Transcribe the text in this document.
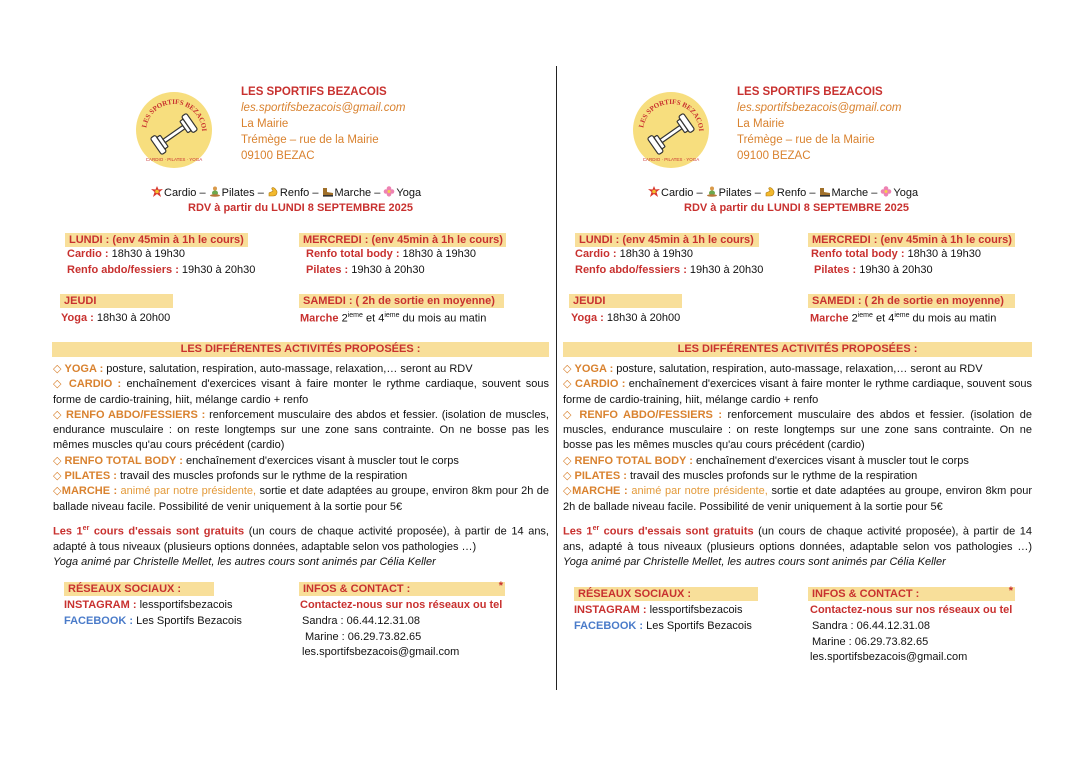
LES SPORTIFS BEZACOI
CARDIO · PILATES · YOGA
LES SPORTIFS BEZACOIS
les.sportifsbezacois@gmail.com
La Mairie
Trémège – rue de la Mairie
09100 BEZAC
Cardio – Pilates – Renfo – Marche – Yoga
RDV à partir du LUNDI 8 SEPTEMBRE 2025
LUNDI : (env 45min à 1h le cours)
Cardio : 18h30 à 19h30
Renfo abdo/fessiers : 19h30 à 20h30
MERCREDI : (env 45min à 1h le cours)
Renfo total body : 18h30 à 19h30
Pilates : 19h30 à 20h30
JEUDI
Yoga : 18h30 à 20h00
SAMEDI : ( 2h de sortie en moyenne)
Marche 2ieme et 4ieme du mois au matin
LES DIFFÉRENTES ACTIVITÉS PROPOSÉES :

◇ YOGA : posture, salutation, respiration, auto-massage, relaxation,… seront au RDV

◇ CARDIO : enchaînement d'exercices visant à faire monter le rythme cardiaque, souvent sous forme de cardio-training, hiit, mélange cardio + renfo

◇ RENFO ABDO/FESSIERS : renforcement musculaire des abdos et fessier. (isolation de muscles, endurance musculaire : on reste longtemps sur une zone sans contrainte. On ne bosse pas les mêmes muscles qu'au cours précédent (cardio)

◇ RENFO TOTAL BODY : enchaînement d'exercices visant à muscler tout le corps

◇ PILATES : travail des muscles profonds sur le rythme de la respiration

◇MARCHE : animé par notre présidente, sortie et date adaptées au groupe, environ 8km pour 2h de ballade niveau facile. Possibilité de venir uniquement à la sortie pour 5€

Les 1er cours d'essais sont gratuits (un cours de chaque activité proposée), à partir de 14 ans, adapté à tous niveaux (plusieurs options données, adaptable selon vos pathologies …)

Yoga animé par Christelle Mellet, les autres cours sont animés par Célia Keller

RÉSEAUX SOCIAUX :
INSTAGRAM : lessportifsbezacois
FACEBOOK : Les Sportifs Bezacois
INFOS & CONTACT :	*
Contactez-nous sur nos réseaux ou tel
Sandra : 06.44.12.31.08
Marine : 06.29.73.82.65
les.sportifsbezacois@gmail.com
LES SPORTIFS BEZACOI
CARDIO · PILATES · YOGA
LES SPORTIFS BEZACOIS
les.sportifsbezacois@gmail.com
La Mairie
Trémège – rue de la Mairie
09100 BEZAC
Cardio – Pilates – Renfo – Marche – Yoga
RDV à partir du LUNDI 8 SEPTEMBRE 2025
LUNDI : (env 45min à 1h le cours)
Cardio : 18h30 à 19h30
Renfo abdo/fessiers : 19h30 à 20h30
MERCREDI : (env 45min à 1h le cours)
Renfo total body : 18h30 à 19h30
Pilates : 19h30 à 20h30
JEUDI
Yoga : 18h30 à 20h00
SAMEDI : ( 2h de sortie en moyenne)
Marche 2ieme et 4ieme du mois au matin
LES DIFFÉRENTES ACTIVITÉS PROPOSÉES :

◇ YOGA : posture, salutation, respiration, auto-massage, relaxation,… seront au RDV

◇ CARDIO : enchaînement d'exercices visant à faire monter le rythme cardiaque, souvent sous forme de cardio-training, hiit, mélange cardio + renfo

◇ RENFO ABDO/FESSIERS : renforcement musculaire des abdos et fessier. (isolation de muscles, endurance musculaire : on reste longtemps sur une zone sans contrainte. On ne bosse pas les mêmes muscles qu'au cours précédent (cardio)

◇ RENFO TOTAL BODY : enchaînement d'exercices visant à muscler tout le corps

◇ PILATES : travail des muscles profonds sur le rythme de la respiration

◇MARCHE : animé par notre présidente, sortie et date adaptées au groupe, environ 8km pour 2h de ballade niveau facile. Possibilité de venir uniquement à la sortie pour 5€

Les 1er cours d'essais sont gratuits (un cours de chaque activité proposée), à partir de 14 ans, adapté à tous niveaux (plusieurs options données, adaptable selon vos pathologies …) Yoga animé par Christelle Mellet, les autres cours sont animés par Célia Keller

RÉSEAUX SOCIAUX :
INSTAGRAM : lessportifsbezacois
FACEBOOK : Les Sportifs Bezacois
INFOS & CONTACT :	*
Contactez-nous sur nos réseaux ou tel
Sandra : 06.44.12.31.08
Marine : 06.29.73.82.65
les.sportifsbezacois@gmail.com
